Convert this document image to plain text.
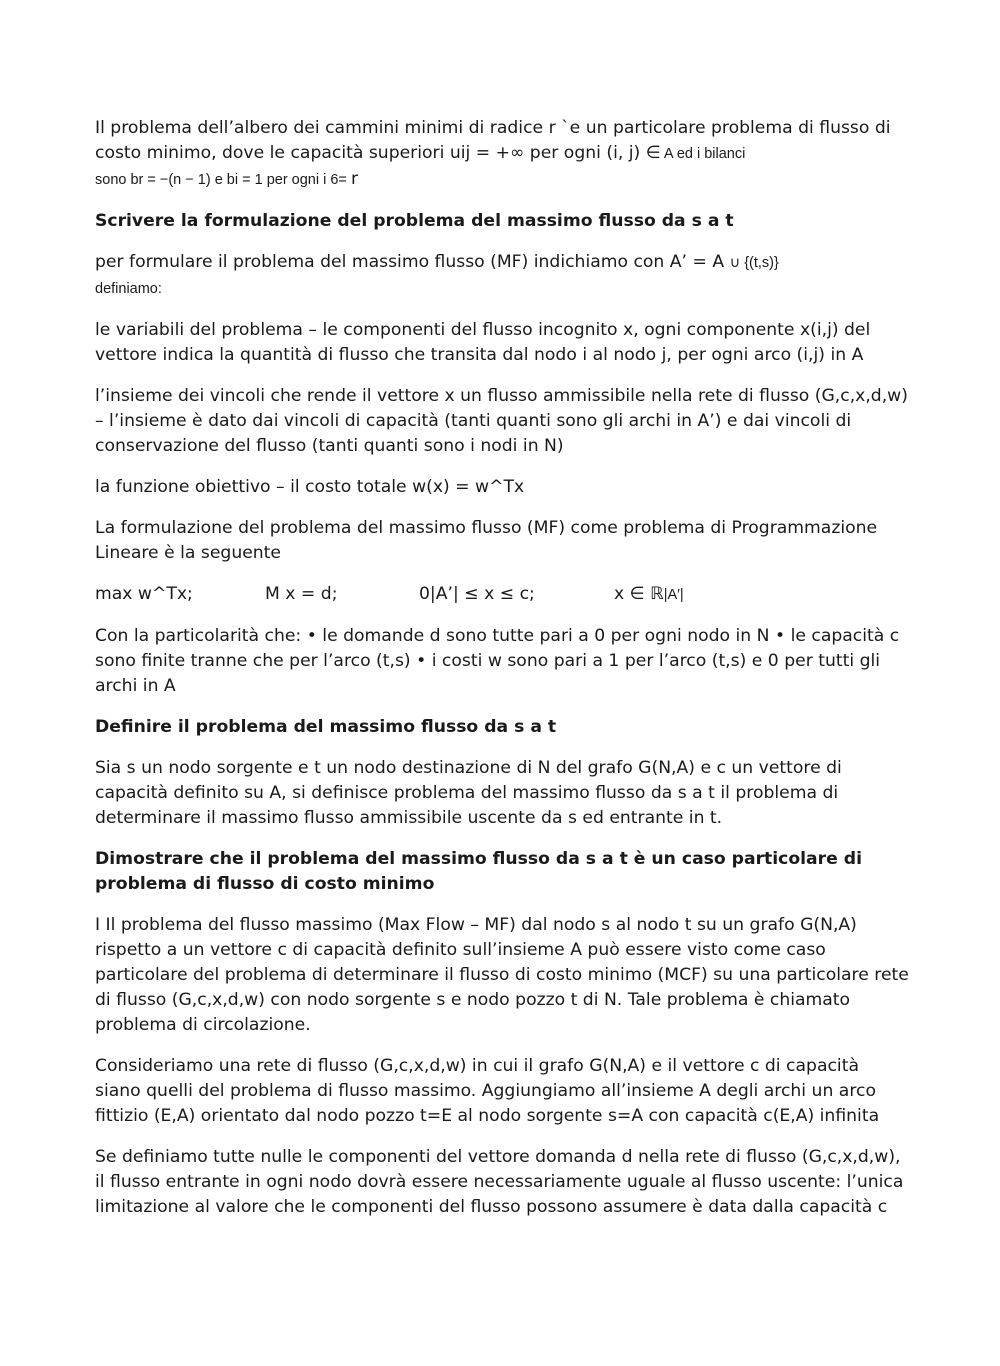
Il problema dell’albero dei cammini minimi di radice r `e un particolare problema di flusso di costo minimo, dove le capacità superiori uij = +∞ per ogni (i, j) ∈ A ed i bilanci
sono br = −(n − 1) e bi = 1 per ogni i 6= r

Scrivere la formulazione del problema del massimo flusso da s a t

per formulare il problema del massimo flusso (MF) indichiamo con A’ = A ∪ {(t,s)}
definiamo:

le variabili del problema – le componenti del flusso incognito x, ogni componente x(i,j) del vettore indica la quantità di flusso che transita dal nodo i al nodo j, per ogni arco (i,j) in A

l’insieme dei vincoli che rende il vettore x un flusso ammissibile nella rete di flusso (G,c,x,d,w) – l’insieme è dato dai vincoli di capacità (tanti quanti sono gli archi in A’) e dai vincoli di conservazione del flusso (tanti quanti sono i nodi in N)

la funzione obiettivo – il costo totale w(x) = w^Tx

La formulazione del problema del massimo flusso (MF) come problema di Programmazione Lineare è la seguente

max w^Tx;	M x = d;	0|A’| ≤ x ≤ c;	x ∈ ℝ|A′|

Con la particolarità che: • le domande d sono tutte pari a 0 per ogni nodo in N • le capacità c sono finite tranne che per l’arco (t,s) • i costi w sono pari a 1 per l’arco (t,s) e 0 per tutti gli archi in A

Definire il problema del massimo flusso da s a t

Sia s un nodo sorgente e t un nodo destinazione di N del grafo G(N,A) e c un vettore di capacità definito su A, si definisce problema del massimo flusso da s a t il problema di determinare il massimo flusso ammissibile uscente da s ed entrante in t.

Dimostrare che il problema del massimo flusso da s a t è un caso particolare di problema di flusso di costo minimo

I Il problema del flusso massimo (Max Flow – MF) dal nodo s al nodo t su un grafo G(N,A) rispetto a un vettore c di capacità definito sull’insieme A può essere visto come caso particolare del problema di determinare il flusso di costo minimo (MCF) su una particolare rete di flusso (G,c,x,d,w) con nodo sorgente s e nodo pozzo t di N. Tale problema è chiamato problema di circolazione.

Consideriamo una rete di flusso (G,c,x,d,w) in cui il grafo G(N,A) e il vettore c di capacità siano quelli del problema di flusso massimo. Aggiungiamo all’insieme A degli archi un arco fittizio (E,A) orientato dal nodo pozzo t=E al nodo sorgente s=A con capacità c(E,A) infinita

Se definiamo tutte nulle le componenti del vettore domanda d nella rete di flusso (G,c,x,d,w), il flusso entrante in ogni nodo dovrà essere necessariamente uguale al flusso uscente: l’unica limitazione al valore che le componenti del flusso possono assumere è data dalla capacità c
